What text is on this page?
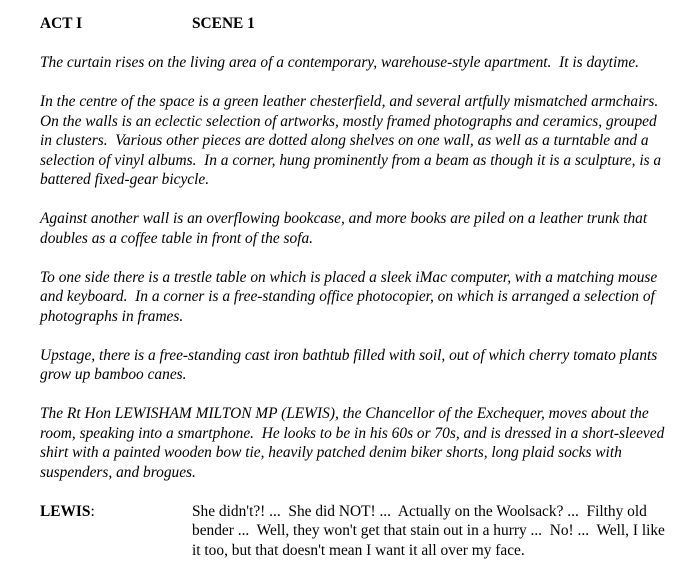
ACT I	SCENE 1

The curtain rises on the living area of a contemporary, warehouse-style apartment.  It is daytime.

In the centre of the space is a green leather chesterfield, and several artfully mismatched armchairs.  On the walls is an eclectic selection of artworks, mostly framed photographs and ceramics, grouped in clusters.  Various other pieces are dotted along shelves on one wall, as well as a turntable and a selection of vinyl albums.  In a corner, hung prominently from a beam as though it is a sculpture, is a battered fixed-gear bicycle.

Against another wall is an overflowing bookcase, and more books are piled on a leather trunk that doubles as a coffee table in front of the sofa.

To one side there is a trestle table on which is placed a sleek iMac computer, with a matching mouse and keyboard.  In a corner is a free-standing office photocopier, on which is arranged a selection of photographs in frames.

Upstage, there is a free-standing cast iron bathtub filled with soil, out of which cherry tomato plants grow up bamboo canes.

The Rt Hon LEWISHAM MILTON MP (LEWIS), the Chancellor of the Exchequer, moves about the room, speaking into a smartphone.  He looks to be in his 60s or 70s, and is dressed in a short-sleeved shirt with a painted wooden bow tie, heavily patched denim biker shorts, long plaid socks with suspenders, and brogues.

LEWIS:	She didn't?! ...  She did NOT! ...  Actually on the Woolsack? ...  Filthy old bender ...  Well, they won't get that stain out in a hurry ...  No! ...  Well, I like it too, but that doesn't mean I want it all over my face.
